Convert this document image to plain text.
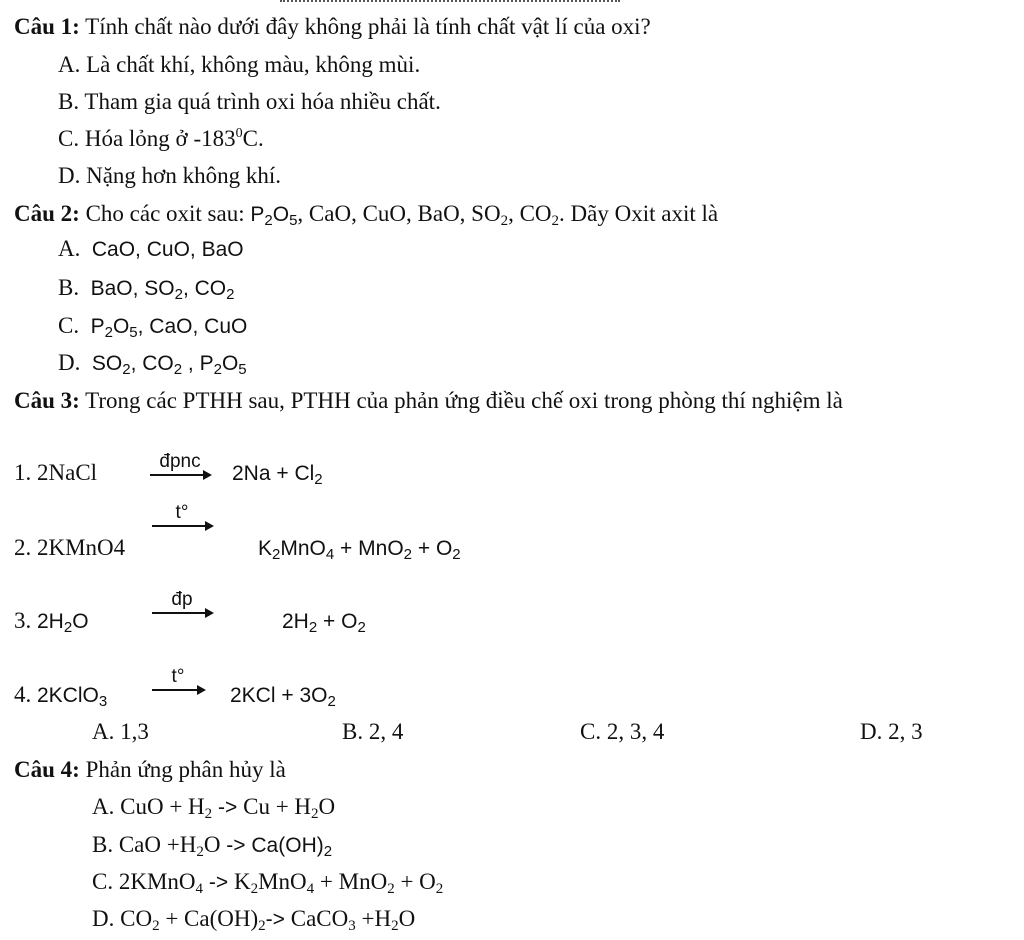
Câu 1: Tính chất nào dưới đây không phải là tính chất vật lí của oxi?
A. Là chất khí, không màu, không mùi.
B. Tham gia quá trình oxi hóa nhiều chất.
C. Hóa lỏng ở $-183^0C$.
D. Nặng hơn không khí.
Câu 2: Cho các oxit sau: $P_2O_5$, CaO, CuO, BaO, $SO_2$, $CO_2$. Dãy Oxit axit là
A. CaO, CuO, BaO
B. BaO, $SO_2$, $CO_2$
C. $P_2O_5$, CaO, CuO
D. $SO_2$, $CO_2$ , $P_2O_5$
Câu 3: Trong các PTHH sau, PTHH của phản ứng điều chế oxi trong phòng thí nghiệm là
1. 2NaCl	đpnc
$2Na + Cl_2$
2. 2KMnO4
t°
$K_2MnO_4 + MnO_2 + O_2$
3. $2H_2O$
đp
$2H_2 + O_2$
4. 2KClO$_3$
t°
$2KCl + 3O_2$
A. 1,3	B. 2, 4	C. 2, 3, 4	D. 2, 3
Câu 4: Phản ứng phân hủy là
A. CuO + $H_2 -> Cu + H_2O$
B. CaO $+H_2O -> Ca(OH)_2$
C. 2KMnO$_4$ -> $K_2MnO_4 + MnO_2 + O_2$
D. $CO_2 + Ca(OH)_2->$ CaCO$_3$ $+H_2O$
